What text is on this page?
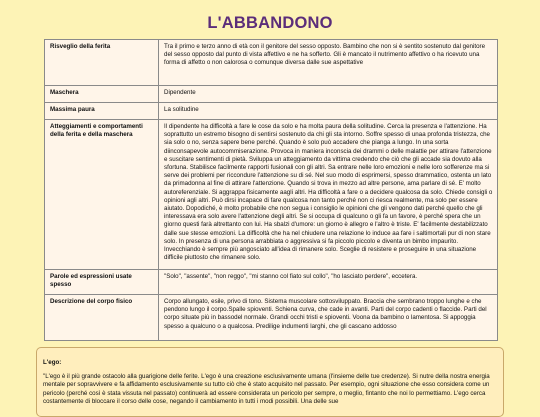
L'ABBANDONO
Risveglio della ferita	Tra il primo e terzo anno di età con il genitore del sesso opposto. Bambino che non si è sentito sostenuto dal genitore del sesso opposto dal punto di vista affettivo e ne ha sofferto. Gli è mancato il nutrimento affettivo o ha ricevuto una forma di affetto o non calorosa o comunque diversa dalle sue aspettative
Maschera	Dipendente
Massima paura	La solitudine
Atteggiamenti e comportamenti della ferita e della maschera	Il dipendente ha difficoltà a fare le cose da solo e ha molta paura della solitudine. Cerca la presenza e l'attenzione. Ha soprattutto un estremo bisogno di sentirsi sostenuto da chi gli sta intorno. Soffre spesso di unaa profonda tristezza, che sia solo o no, senza sapere bene perché. Quando è solo può accadere che pianga a lungo. In una sorta diinconsapevole autocommiserazione. Provoca in maniera inconscia dei drammi o delle malattie per attirare l'attenzione e suscitare sentimenti di pietà. Sviluppa un atteggiamento da vittima credendo che ciò che gli accade sia dovuto alla sfortuna. Stabilisce facilmente rapporti fusionali con gli altri. Sa entrare nelle loro emozioni e nelle loro sofferenze ma si serve dei problemi per riccondure l'attenzione su di sé. Nel suo modo di esprimersi, spesso drammatico, ostenta un lato da primadonna al fine di attirare l'attenzione. Quando si trova in mezzo ad altre persone, ama parlare di sé. E' molto autoreferenziale. Si aggrappa fisicamente aagli altri. Ha difficoltà a fare o a decidere qualcosa da solo. Chiede consigli o opinioni agli altri. Può dirsi incapace di fare qualcosa non tanto perché non ci riesca realmente, ma solo per essere aiutato. Dopodiché, è molto probabile che non segua i consiglio le opinioni che gli vengono dati perché quello che gli interessava era solo avere l'attenzione degli altri. Se si occupa di qualcuno o gli fa un favore, è perché spera che un giorno questi farà altrettanto con lui. Ha sbalzi d'umore: un giorno è allegro e l'altro è triste. E' facilmente destabilizzato dalle sue stesse emozioni. La difficoltà che ha nel chiudere una relazione lo induce aa fare i saltimortali pur di non stare solo. In presenza di una persona arrabbiata o aggressiva si fa piccolo piccolo e diventa un bimbo impaurito. Invecchiando è sempre più angosciato all'idea di rimanere solo. Sceglie di resistere e proseguire in una situazione difficile piuttosto che rimanere solo.
Parole ed espressioni usate spesso	"Solo", "assente", "non reggo", "mi stanno col fiato sul collo", "ho lasciato perdere", eccetera.
Descrizione del corpo fisico	Corpo allungato, esile, privo di tono. Sistema muscolare sottosviluppato. Braccia che sembrano troppo lunghe e che pendono lungo il corpo.Spalle spioventi. Schiena curva, che cade in avanti. Parti del corpo cadenti o flaccide. Parti del corpo situate più in bassodel normale. Grandi occhi tristi e spioventi. Voona da bambino o lamentosa. Si appoggia spesso a qualcuno o a qualcosa. Predilige indumenti larghi, che gli cascano addosso
L'ego:
"L'ego è il più grande ostacolo alla guarigione delle ferite. L'ego è una creazione esclusivamente umana (l'insieme delle tue credenze). Si nutre della nostra energia mentale per sopravvivere e fa affidamento esclusivamente su tutto ciò che è stato acquisito nel passato. Per esempio, ogni situazione che esso considera come un pericolo (perché così è stata vissuta nel passato) continuerà ad essere considerata un pericolo per sempre, o meglio, fintanto che noi lo permettiamo. L'ego cerca costantemente di bloccare il corso delle cose, negando il cambiamento in tutti i modi possibili. Una delle sue
